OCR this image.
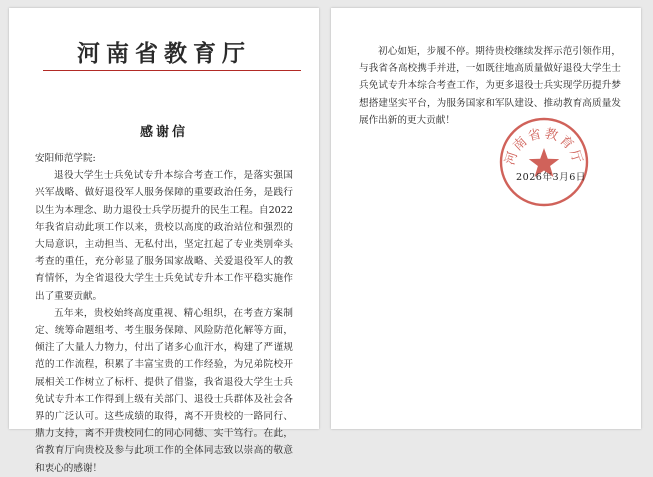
河南省教育厅
感谢信

安阳师范学院:

退役大学生士兵免试专升本综合考查工作，是落实强国兴军战略、做好退役军人服务保障的重要政治任务，是践行以生为本理念、助力退役士兵学历提升的民生工程。自2022年我省启动此项工作以来，贵校以高度的政治站位和强烈的大局意识，主动担当、无私付出，坚定扛起了专业类别牵头考查的重任，充分彰显了服务国家战略、关爱退役军人的教育情怀，为全省退役大学生士兵免试专升本工作平稳实施作出了重要贡献。

五年来，贵校始终高度重视、精心组织，在考查方案制定、统筹命题组考、考生服务保障、风险防范化解等方面，倾注了大量人力物力，付出了诸多心血汗水，构建了严谨规范的工作流程，积累了丰富宝贵的工作经验，为兄弟院校开展相关工作树立了标杆、提供了借鉴，我省退役大学生士兵免试专升本工作得到上级有关部门、退役士兵群体及社会各界的广泛认可。这些成绩的取得，离不开贵校的一路同行、鼎力支持，离不开贵校同仁的同心同德、实干笃行。在此，省教育厅向贵校及参与此项工作的全体同志致以崇高的敬意和衷心的感谢！

初心如矩，步履不停。期待贵校继续发挥示范引领作用，与我省各高校携手并进，一如既往地高质量做好退役大学生士兵免试专升本综合考查工作，为更多退役士兵实现学历提升梦想搭建坚实平台，为服务国家和军队建设、推动教育高质量发展作出新的更大贡献！

河南省教育厅
2026年3月6日
